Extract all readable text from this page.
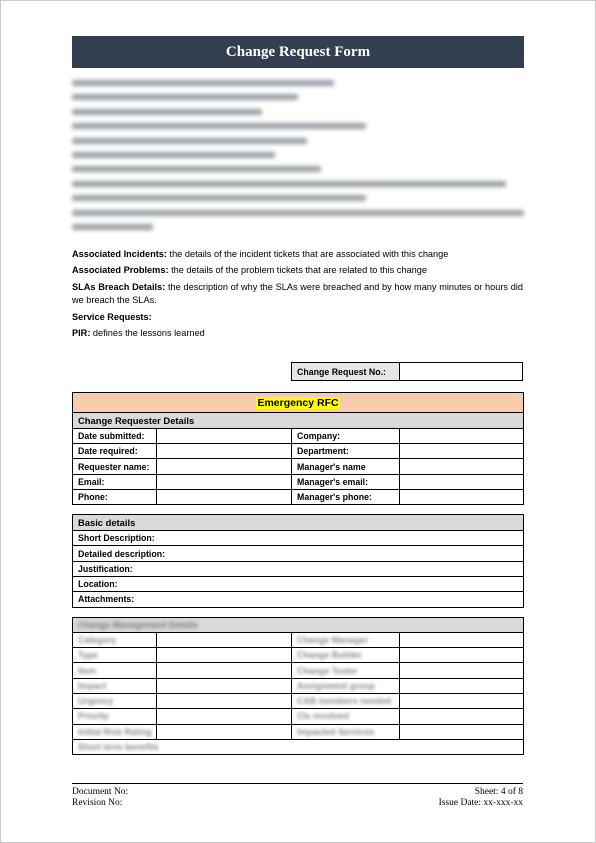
Change Request Form

Associated Incidents: the details of the incident tickets that are associated with this change

Associated Problems: the details of the problem tickets that are related to this change

SLAs Breach Details: the description of why the SLAs were breached and by how many minutes or hours did we breach the SLAs.

Service Requests:

PIR: defines the lessons learned

Change Request No.:	
Emergency RFC			
Change Requester Details			
Date submitted:		Company:	
Date required:		Department:	
Requester name:		Manager's name	
Email:		Manager's email:	
Phone:		Manager's phone:	

Basic details			
Short Description:			
Detailed description:			
Justification:			
Location:			
Attachments:			

Change Management Details			
Category		Change Manager	
Type		Change Builder	
Item		Change Tester	
Impact		Assignment group	
Urgency		CAB members needed	
Priority		CIs involved	
Initial Risk Rating		Impacted Services	
Short term benefits			
Document No:	Sheet: 4 of 8
Revision No:	Issue Date: xx-xxx-xx
